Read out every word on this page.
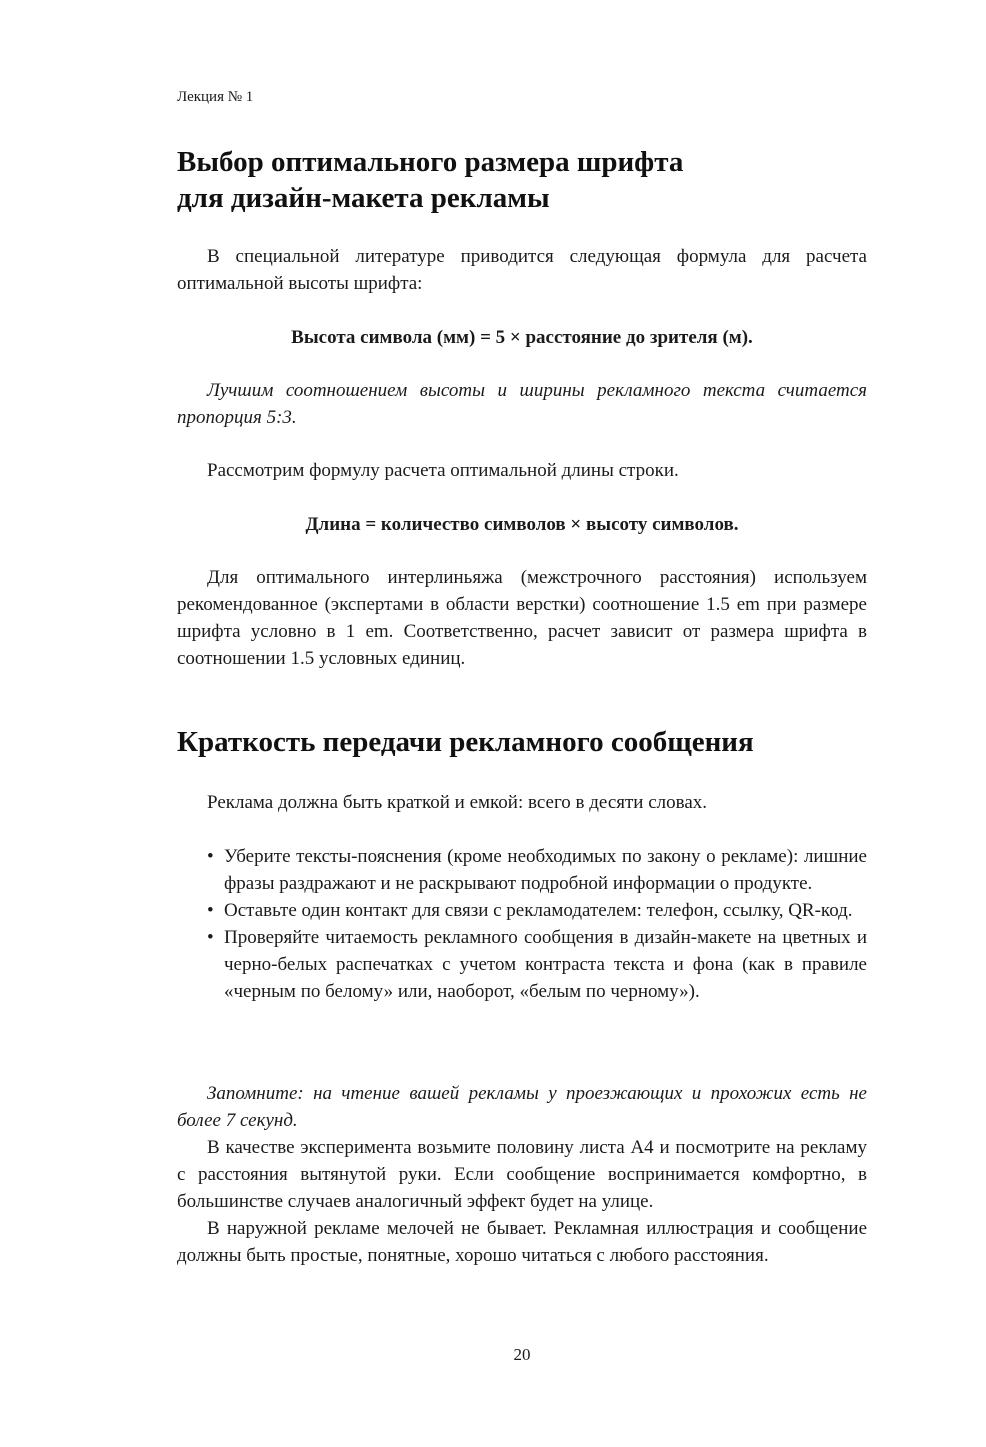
Лекция № 1
Выбор оптимального размера шрифта
для дизайн-макета рекламы

В специальной литературе приводится следующая формула для расчета оптимальной высоты шрифта:

Высота символа (мм) = 5 × расстояние до зрителя (м).

Лучшим соотношением высоты и ширины рекламного текста считается пропорция 5:3.

Рассмотрим формулу расчета оптимальной длины строки.

Длина = количество символов × высоту символов.

Для оптимального интерлиньяжа (межстрочного расстояния) используем рекомендованное (экспертами в области верстки) соотношение 1.5 em при размере шрифта условно в 1 em. Соответственно, расчет зависит от размера шрифта в соотношении 1.5 условных единиц.

Краткость передачи рекламного сообщения

Реклама должна быть краткой и емкой: всего в десяти словах.

• Уберите тексты-пояснения (кроме необходимых по закону о рекламе): лишние фразы раздражают и не раскрывают подробной информации о продукте.
• Оставьте один контакт для связи с рекламодателем: телефон, ссылку, QR-код.
• Проверяйте читаемость рекламного сообщения в дизайн-макете на цветных и черно-белых распечатках с учетом контраста текста и фона (как в правиле «черным по белому» или, наоборот, «белым по черному»).

Запомните: на чтение вашей рекламы у проезжающих и прохожих есть не более 7 секунд.

В качестве эксперимента возьмите половину листа А4 и посмотрите на рекламу с расстояния вытянутой руки. Если сообщение воспринимается комфортно, в большинстве случаев аналогичный эффект будет на улице.

В наружной рекламе мелочей не бывает. Рекламная иллюстрация и сообщение должны быть простые, понятные, хорошо читаться с любого расстояния.

20
